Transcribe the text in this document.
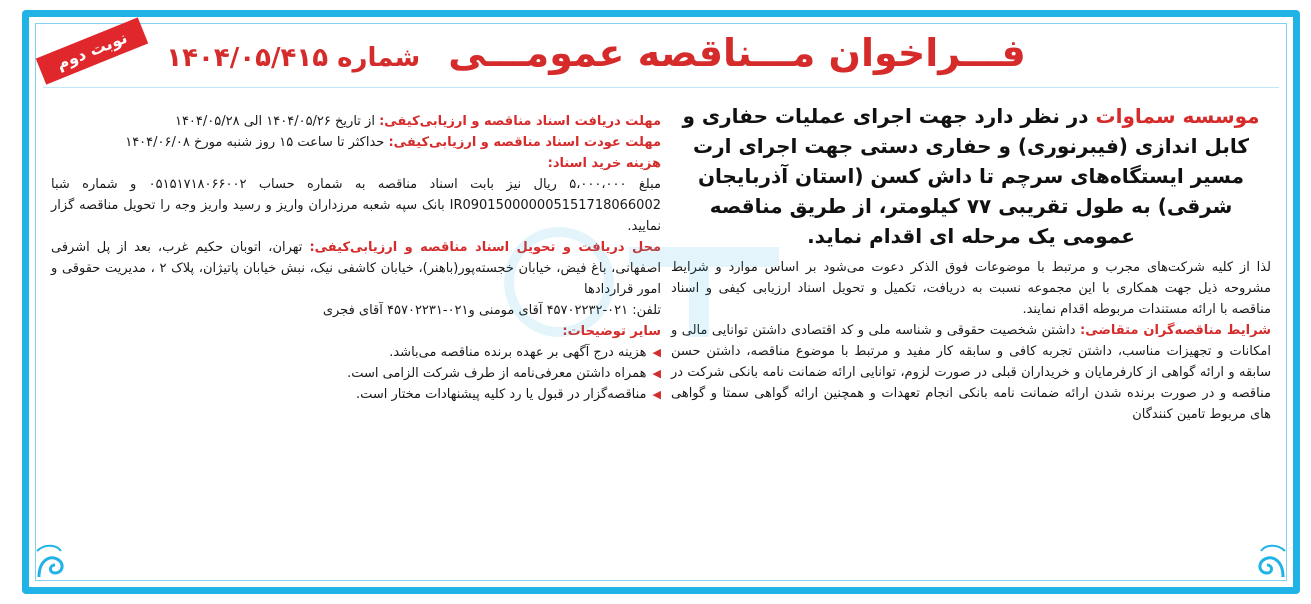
نوبت دوم	فـــراخوان مـــناقصه عمومـــی
شماره ۱۴۰۴/۰۵/۴۱۵

موسسه سماوات در نظر دارد جهت اجرای عملیات حفاری و کابل اندازی (فیبرنوری) و حفاری دستی جهت اجرای ارت مسیر ایستگاه‌های سرچم تا داش کسن (استان آذربایجان شرقی) به طول تقریبی ۷۷ کیلومتر، از طریق مناقصه عمومی یک مرحله ای اقدام نماید.

لذا از کلیه شرکت‌های مجرب و مرتبط با موضوعات فوق الذکر دعوت می‌شود بر اساس موارد و شرایط مشروحه ذیل جهت همکاری با این مجموعه نسبت به دریافت، تکمیل و تحویل اسناد ارزیابی کیفی و اسناد مناقصه با ارائه مستندات مربوطه اقدام نمایند.

شرایط مناقصه‌گران متقاضی: داشتن شخصیت حقوقی و شناسه ملی و کد اقتصادی داشتن توانایی مالی و امکانات و تجهیزات مناسب، داشتن تجربه کافی و سابقه کار مفید و مرتبط با موضوع مناقصه، داشتن حسن سابقه و ارائه گواهی از کارفرمایان و خریداران قبلی در صورت لزوم، توانایی ارائه ضمانت نامه بانکی شرکت در مناقصه و در صورت برنده شدن ارائه ضمانت نامه بانکی انجام تعهدات و همچنین ارائه گواهی سمتا و گواهی های مربوط تامین کنندگان

مهلت دریافت اسناد مناقصه و ارزیابی‌کیفی: از تاریخ ۱۴۰۴/۰۵/۲۶ الی ۱۴۰۴/۰۵/۲۸

مهلت عودت اسناد مناقصه و ارزیابی‌کیفی: حداکثر تا ساعت ۱۵ روز شنبه مورخ ۱۴۰۴/۰۶/۰۸

هزینه خرید اسناد:

مبلغ ۵،۰۰۰،۰۰۰ ریال نیز بابت اسناد مناقصه به شماره حساب ۰۵۱۵۱۷۱۸۰۶۶۰۰۲ و شماره شبا IR090150000005151718066002 بانک سپه شعبه مرزداران واریز و رسید واریز وجه را تحویل مناقصه گزار نمایید.

محل دریافت و تحویل اسناد مناقصه و ارزیابی‌کیفی: تهران، اتوبان حکیم غرب، بعد از پل اشرفی اصفهانی، باغ فیض، خیابان خجسته‌پور(باهنر)، خیابان کاشفی نیک، نبش خیابان پاتیژان، پلاک ۲ ، مدیریت حقوقی و امور قراردادها

تلفن: ۰۲۱-۴۵۷۰۲۲۳۲ آقای مومنی و۰۲۱-۴۵۷۰۲۲۳۱ آقای فجری

سایر توضیحات:

◀
هزینه درج آگهی بر عهده برنده مناقصه می‌باشد.
◀
همراه داشتن معرفی‌نامه از طرف شرکت الزامی است.
◀
مناقصه‌گزار در قبول یا رد کلیه پیشنهادات مختار است.
